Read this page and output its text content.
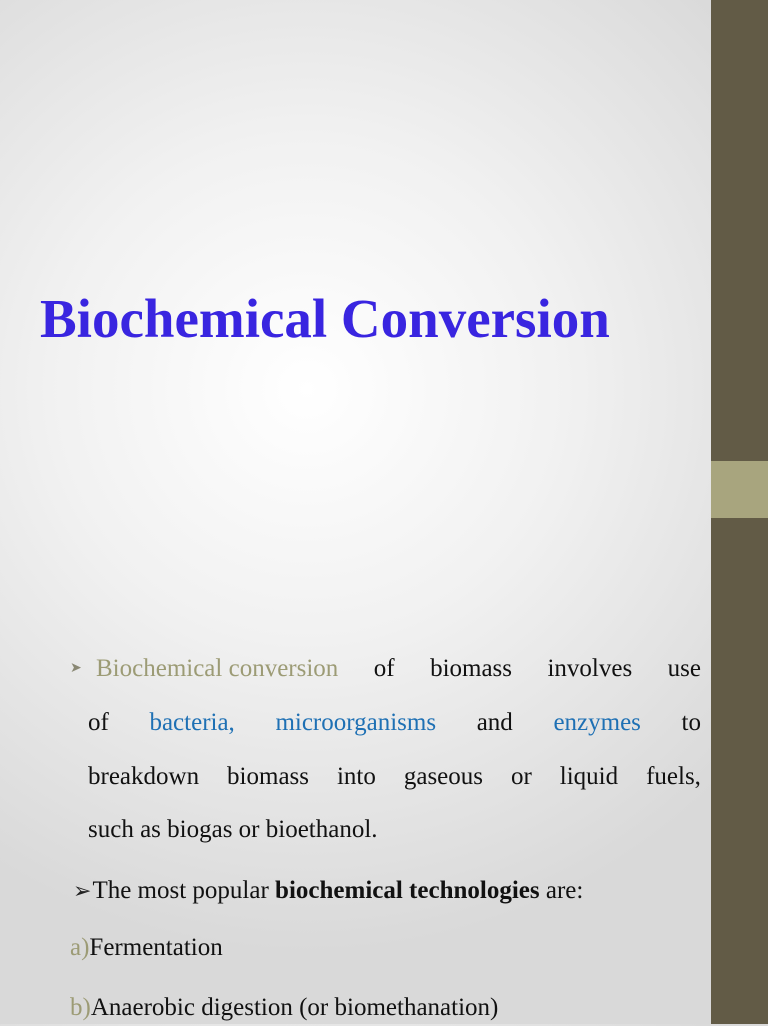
Biochemical Conversion
➤ Biochemical conversion of biomass involves use
of bacteria, microorganisms and enzymes to
breakdown biomass into gaseous or liquid fuels,
such as biogas or bioethanol.
➢The most popular biochemical technologies are:
a)Fermentation
b)Anaerobic digestion (or biomethanation)
